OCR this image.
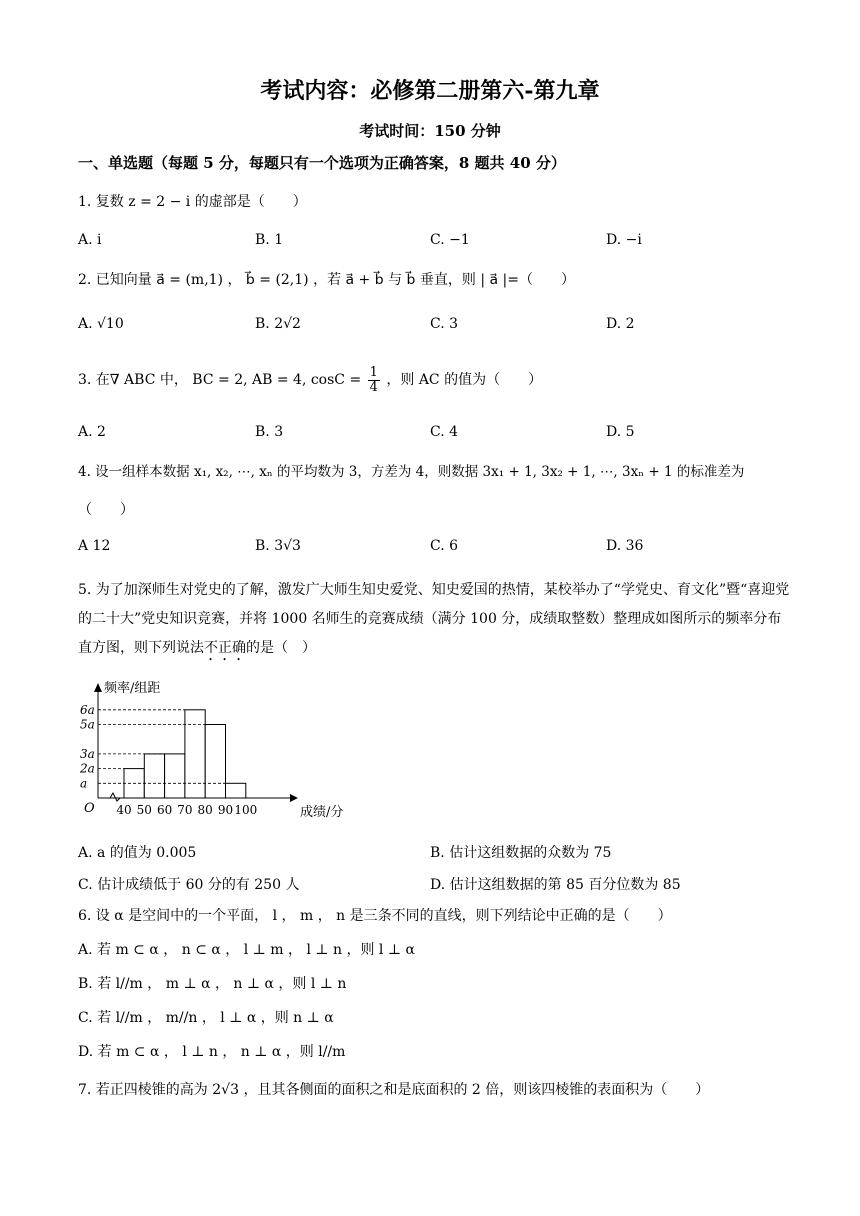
考试内容：必修第二册第六-第九章
考试时间：150 分钟
一、单选题（每题 5 分，每题只有一个选项为正确答案，8 题共 40 分）
1. 复数 z = 2 − i 的虚部是（　　）
A. i	B. 1	C. −1	D. −i
2. 已知向量 a⃗ = (m,1) ， b⃗ = (2,1) ，若 a⃗ + b⃗ 与 b⃗ 垂直，则 | a⃗ |=（　　）
A. √10	B. 2√2	C. 3	D. 2
3. 在∇ ABC 中， BC = 2, AB = 4, $\cos C = \frac{1}{4}$ ，则 AC 的值为（　　）
A. 2	B. 3	C. 4	D. 5
4. 设一组样本数据 x₁, x₂, ⋯, xₙ 的平均数为 3，方差为 4，则数据 3x₁ + 1, 3x₂ + 1, ⋯, 3xₙ + 1 的标准差为
（　　）
A 12	B. 3√3	C. 6	D. 36
5. 为了加深师生对党史的了解，激发广大师生知史爱党、知史爱国的热情，某校举办了“学党史、育文化”暨“喜迎党的二十大”党史知识竞赛，并将 1000 名师生的竞赛成绩（满分 100 分，成绩取整数）整理成如图所示的频率分布直方图，则下列说法不正确的是（　）
频率/组距
成绩/分
O
6a
5a
3a
2a
a
40 50 60 70 80 90 100
A. a 的值为 0.005	B. 估计这组数据的众数为 75
C. 估计成绩低于 60 分的有 250 人	D. 估计这组数据的第 85 百分位数为 85
6. 设 α 是空间中的一个平面， l ， m ， n 是三条不同的直线，则下列结论中正确的是（　　）
A. 若 m ⊂ α ， n ⊂ α ， l ⊥ m ， l ⊥ n ，则 l ⊥ α
B. 若 l//m ， m ⊥ α ， n ⊥ α ，则 l ⊥ n
C. 若 l//m ， m//n ， l ⊥ α ，则 n ⊥ α
D. 若 m ⊂ α ， l ⊥ n ， n ⊥ α ，则 l//m
7. 若正四棱锥的高为 2√3 ，且其各侧面的面积之和是底面积的 2 倍，则该四棱锥的表面积为（　　）
